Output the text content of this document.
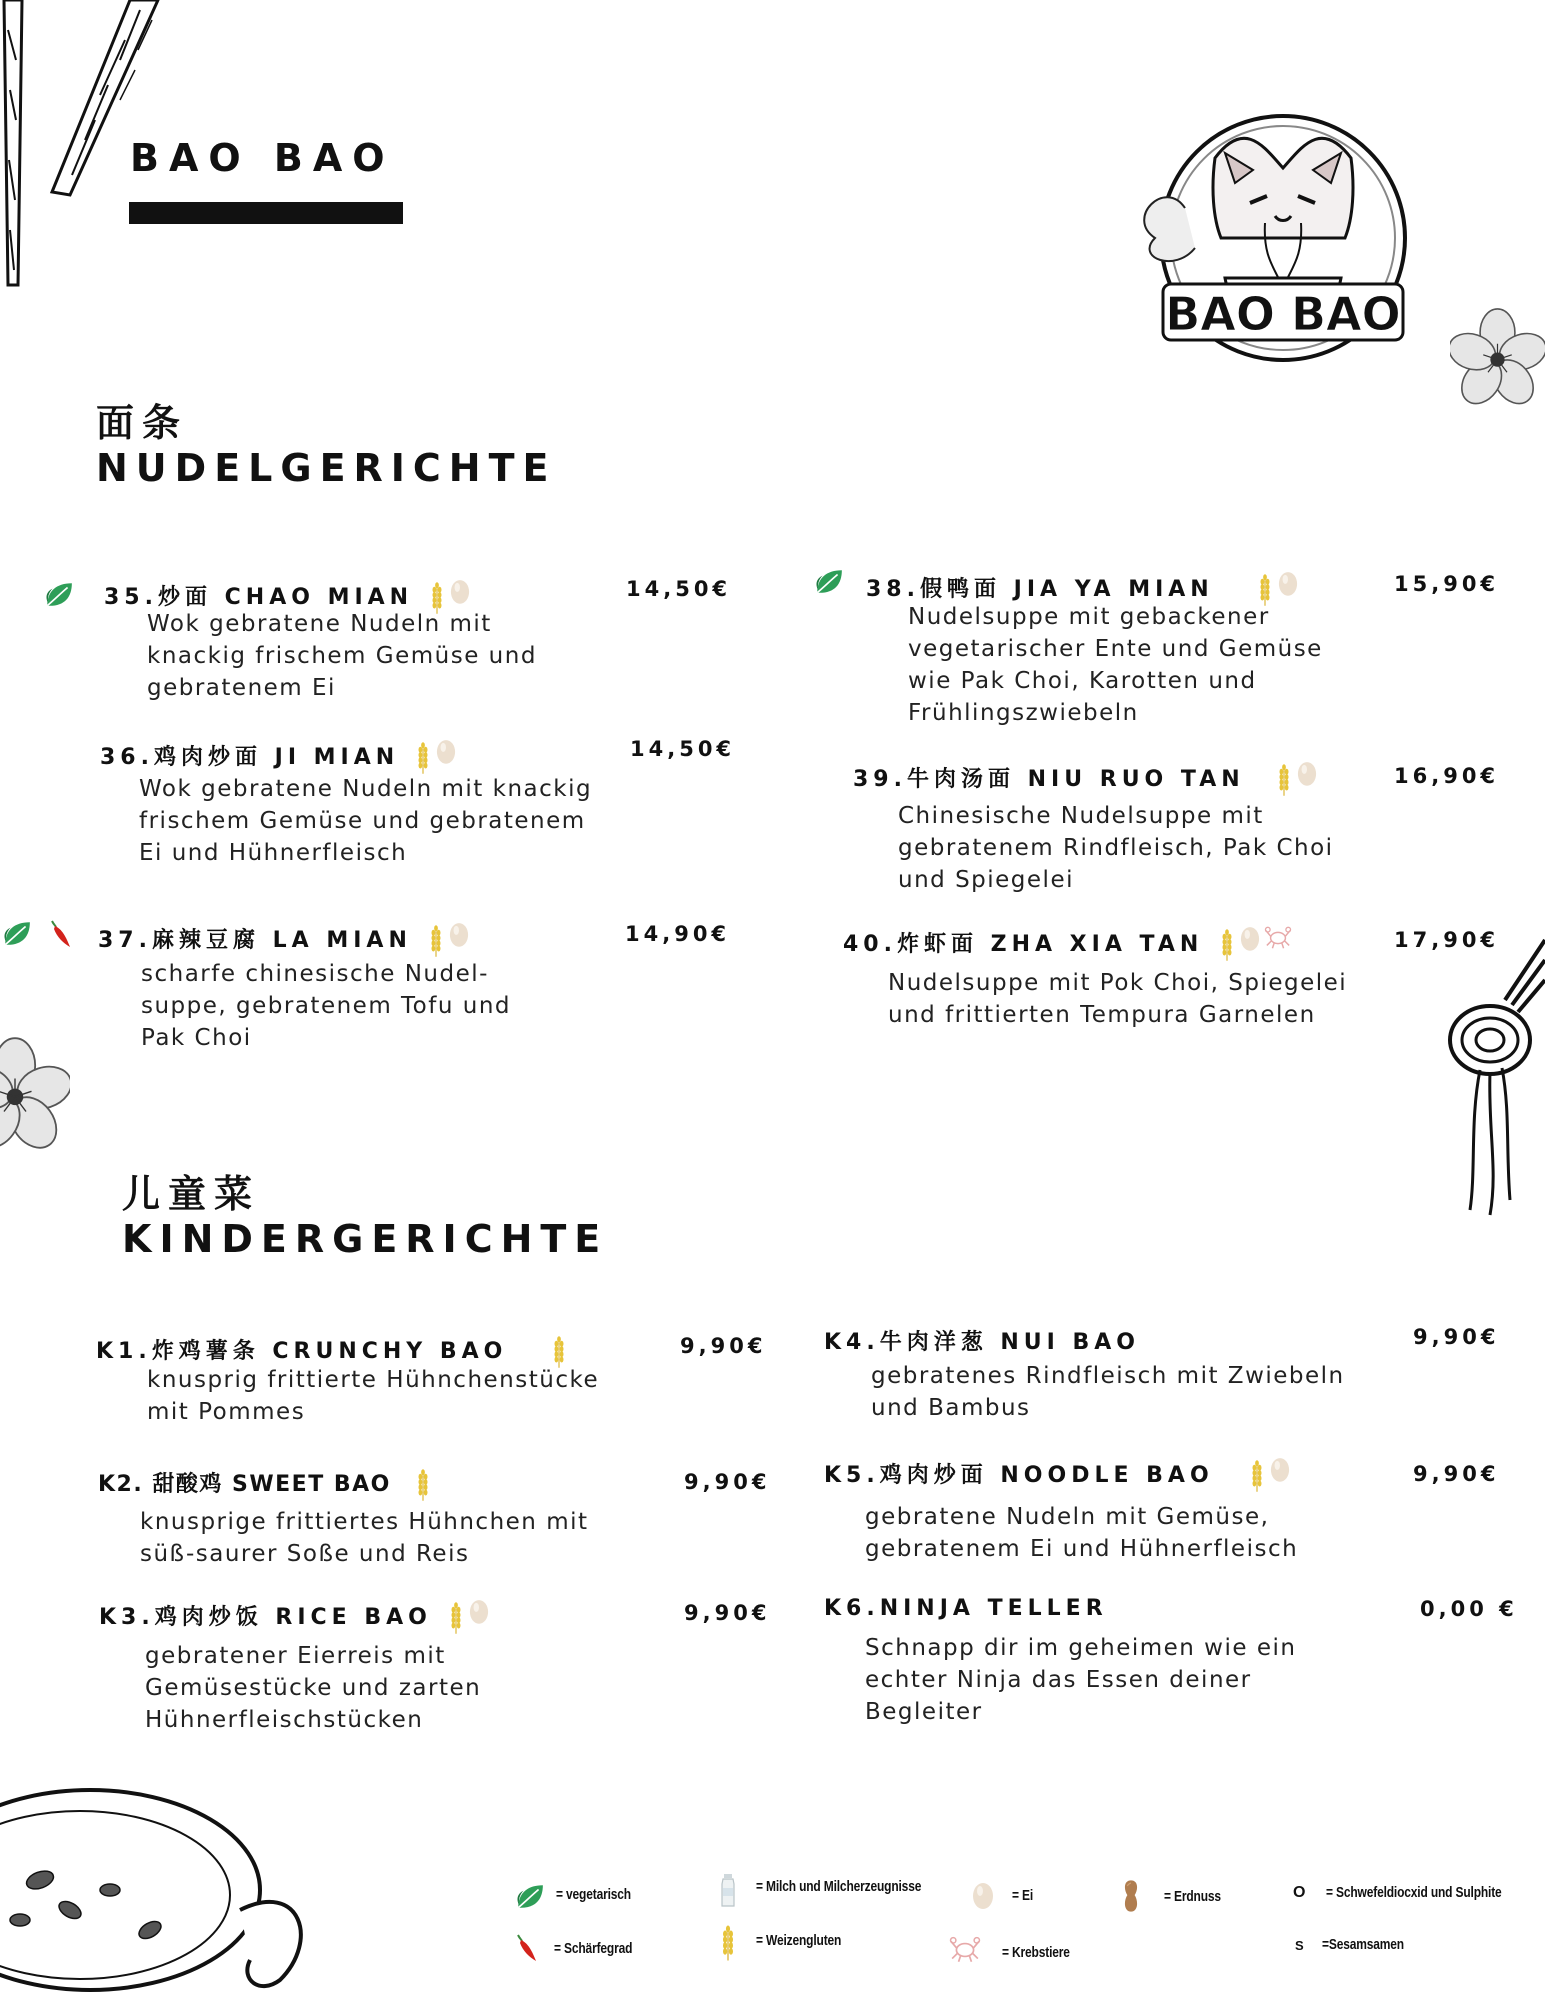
BAO BAO
BAO BAO
面条
NUDELGERICHTE
35.炒面 CHAO MIAN	14,50€
Wok gebratene Nudeln mit
knackig frischem Gemüse und
gebratenem Ei
36.鸡肉炒面 JI MIAN	14,50€
Wok gebratene Nudeln mit knackig
frischem Gemüse und gebratenem
Ei und Hühnerfleisch
37.麻辣豆腐 LA MIAN	14,90€
scharfe chinesische Nudel-
suppe, gebratenem Tofu und
Pak Choi
38.假鸭面 JIA YA MIAN	15,90€
Nudelsuppe mit gebackener
vegetarischer Ente und Gemüse
wie Pak Choi, Karotten und
Frühlingszwiebeln
39.牛肉汤面 NIU RUO TAN	16,90€
Chinesische Nudelsuppe mit
gebratenem Rindfleisch, Pak Choi
und Spiegelei
40.炸虾面 ZHA XIA TAN	17,90€
Nudelsuppe mit Pok Choi, Spiegelei
und frittierten Tempura Garnelen
儿童菜
KINDERGERICHTE
K1.炸鸡薯条 CRUNCHY BAO	9,90€
knusprig frittierte Hühnchenstücke
mit Pommes
K2. 甜酸鸡 SWEET BAO	9,90€
knusprige frittiertes Hühnchen mit
süß-saurer Soße und Reis
K3.鸡肉炒饭 RICE BAO	9,90€
gebratener Eierreis mit
Gemüsestücke und zarten
Hühnerfleischstücken
K4.牛肉洋葱 NUI BAO	9,90€
gebratenes Rindfleisch mit Zwiebeln
und Bambus
K5.鸡肉炒面 NOODLE BAO	9,90€
gebratene Nudeln mit Gemüse,
gebratenem Ei und Hühnerfleisch
K6.NINJA TELLER	0,00 €
Schnapp dir im geheimen wie ein
echter Ninja das Essen deiner
Begleiter
= vegetarisch
= Schärfegrad
= Milch und Milcherzeugnisse
= Weizengluten
= Ei
= Krebstiere
= Erdnuss	O = Schwefeldiocxid und Sulphite
S =Sesamsamen
